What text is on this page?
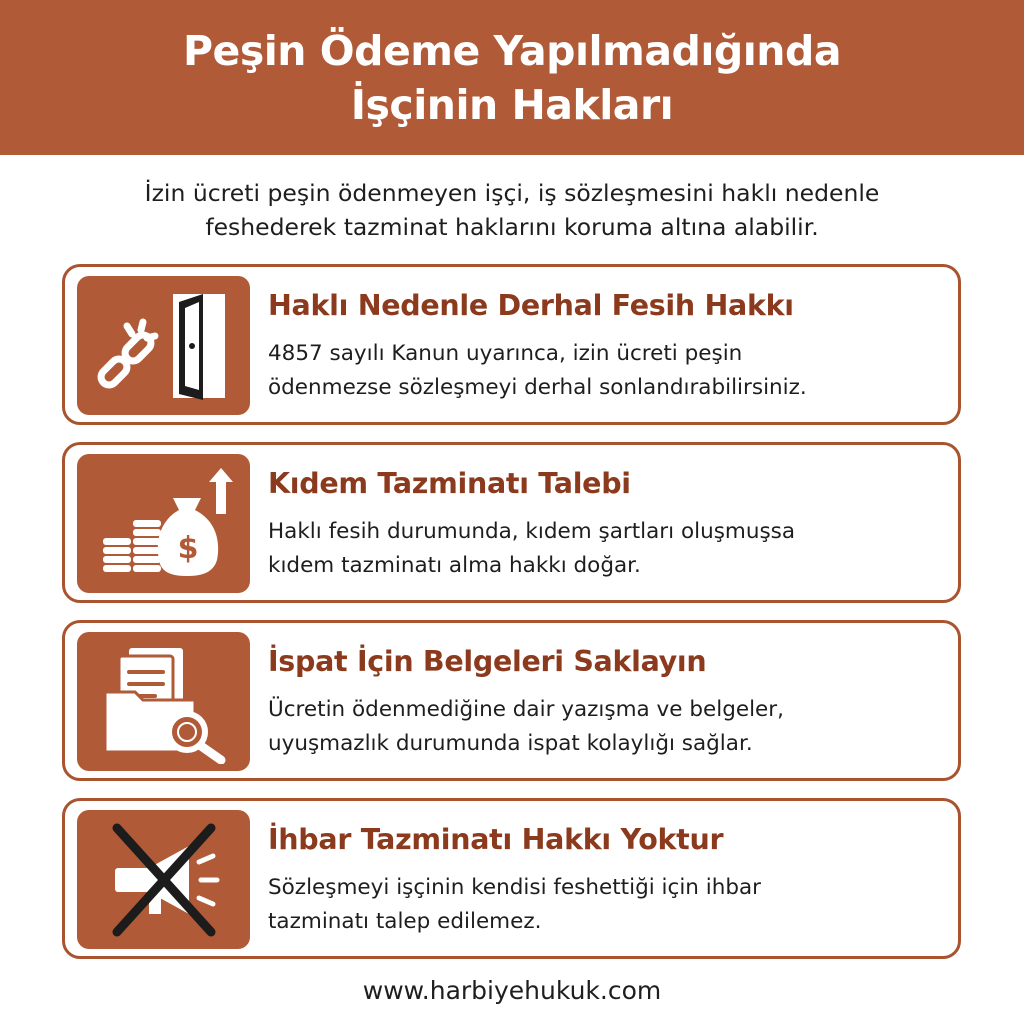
Peşin Ödeme Yapılmadığında
İşçinin Hakları
İzin ücreti peşin ödenmeyen işçi, iş sözleşmesini haklı nedenle
feshederek tazminat haklarını koruma altına alabilir.
Haklı Nedenle Derhal Fesih Hakkı
4857 sayılı Kanun uyarınca, izin ücreti peşin
ödenmezse sözleşmeyi derhal sonlandırabilirsiniz.
$
Kıdem Tazminatı Talebi
Haklı fesih durumunda, kıdem şartları oluşmuşsa
kıdem tazminatı alma hakkı doğar.
İspat İçin Belgeleri Saklayın
Ücretin ödenmediğine dair yazışma ve belgeler,
uyuşmazlık durumunda ispat kolaylığı sağlar.
İhbar Tazminatı Hakkı Yoktur
Sözleşmeyi işçinin kendisi feshettiği için ihbar
tazminatı talep edilemez.
www.harbiyehukuk.com
